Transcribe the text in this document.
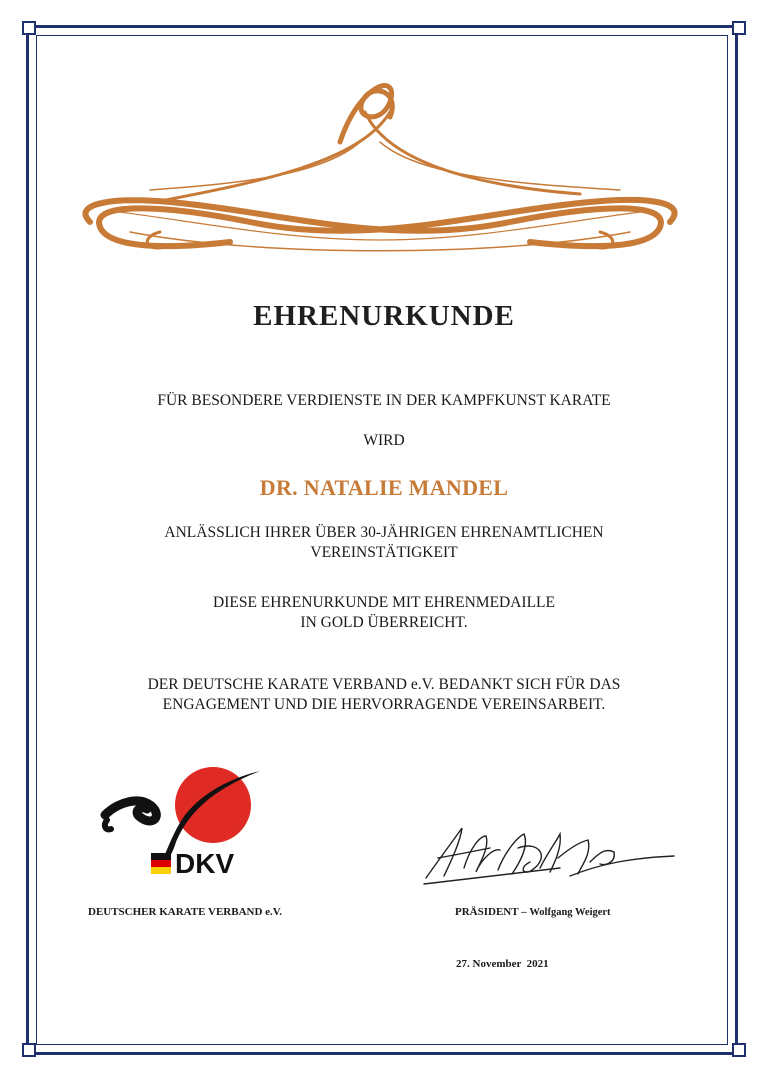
EHRENURKUNDE

FÜR BESONDERE VERDIENSTE IN DER KAMPFKUNST KARATE

WIRD

DR. NATALIE MANDEL

ANLÄSSLICH IHRER ÜBER 30-JÄHRIGEN EHRENAMTLICHEN

VEREINSTÄTIGKEIT

DIESE EHRENURKUNDE MIT EHRENMEDAILLE

IN GOLD ÜBERREICHT.

DER DEUTSCHE KARATE VERBAND e.V. BEDANKT SICH FÜR DAS

ENGAGEMENT UND DIE HERVORRAGENDE VEREINSARBEIT.

DKV
DEUTSCHER KARATE VERBAND e.V.	PRÄSIDENT – Wolfgang Weigert
27. November  2021
